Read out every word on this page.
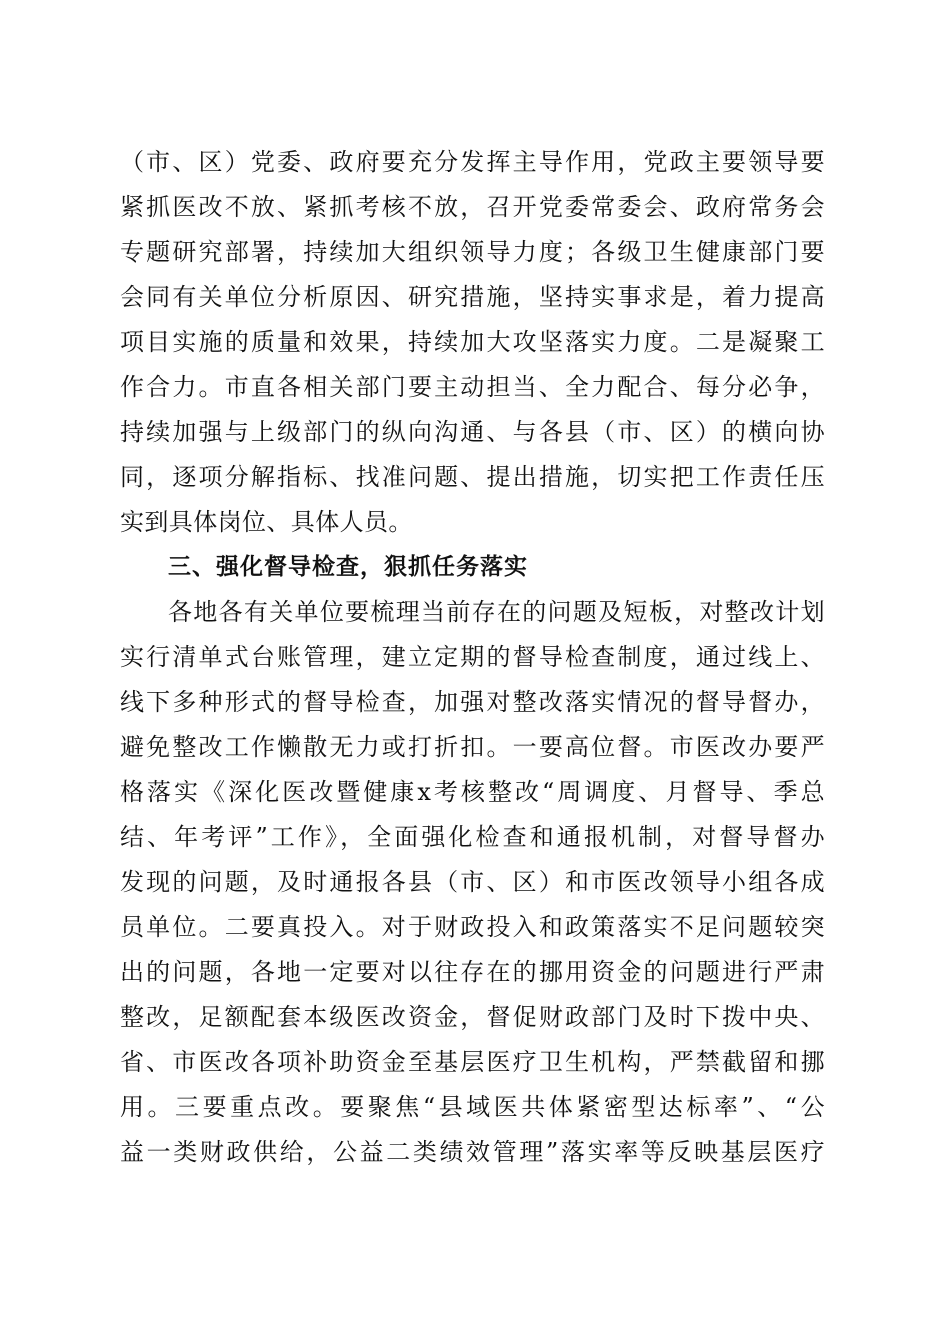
（市、区）党委、政府要充分发挥主导作用，党政主要领导要
紧抓医改不放、紧抓考核不放，召开党委常委会、政府常务会
专题研究部署，持续加大组织领导力度；各级卫生健康部门要
会同有关单位分析原因、研究措施，坚持实事求是，着力提高
项目实施的质量和效果，持续加大攻坚落实力度。二是凝聚工
作合力。市直各相关部门要主动担当、全力配合、每分必争，
持续加强与上级部门的纵向沟通、与各县（市、区）的横向协
同，逐项分解指标、找准问题、提出措施，切实把工作责任压
实到具体岗位、具体人员。
三、强化督导检查，狠抓任务落实
各地各有关单位要梳理当前存在的问题及短板，对整改计划
实行清单式台账管理，建立定期的督导检查制度，通过线上、
线下多种形式的督导检查，加强对整改落实情况的督导督办，
避免整改工作懒散无力或打折扣。一要高位督。市医改办要严
格落实《深化医改暨健康x考核整改“周调度、月督导、季总
结、年考评”工作》，全面强化检查和通报机制，对督导督办
发现的问题，及时通报各县（市、区）和市医改领导小组各成
员单位。二要真投入。对于财政投入和政策落实不足问题较突
出的问题，各地一定要对以往存在的挪用资金的问题进行严肃
整改，足额配套本级医改资金，督促财政部门及时下拨中央、
省、市医改各项补助资金至基层医疗卫生机构，严禁截留和挪
用。三要重点改。要聚焦“县域医共体紧密型达标率”、“公
益一类财政供给，公益二类绩效管理”落实率等反映基层医疗
